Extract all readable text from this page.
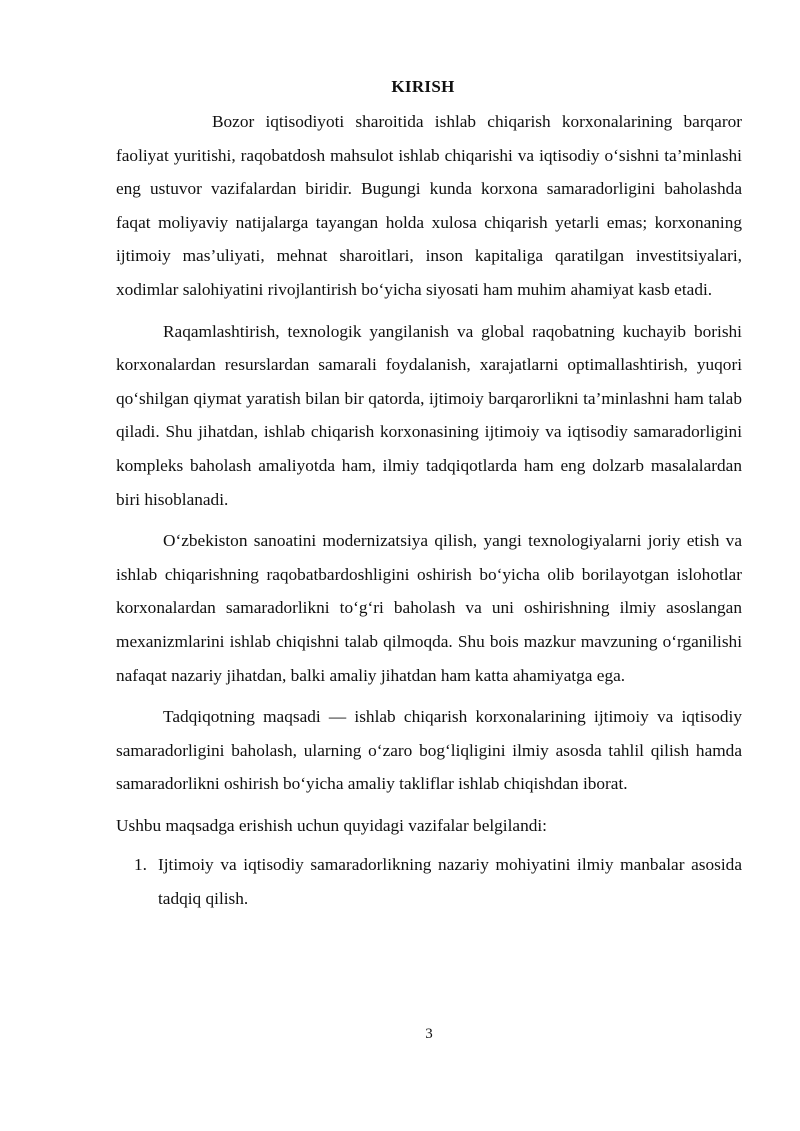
KIRISH

Bozor iqtisodiyoti sharoitida ishlab chiqarish korxonalarining barqaror faoliyat yuritishi, raqobatdosh mahsulot ishlab chiqarishi va iqtisodiy o‘sishni ta’minlashi eng ustuvor vazifalardan biridir. Bugungi kunda korxona samaradorligini baholashda faqat moliyaviy natijalarga tayangan holda xulosa chiqarish yetarli emas; korxonaning ijtimoiy mas’uliyati, mehnat sharoitlari, inson kapitaliga qaratilgan investitsiyalari, xodimlar salohiyatini rivojlantirish bo‘yicha siyosati ham muhim ahamiyat kasb etadi.

Raqamlashtirish, texnologik yangilanish va global raqobatning kuchayib borishi korxonalardan resurslardan samarali foydalanish, xarajatlarni optimallashtirish, yuqori qo‘shilgan qiymat yaratish bilan bir qatorda, ijtimoiy barqarorlikni ta’minlashni ham talab qiladi. Shu jihatdan, ishlab chiqarish korxonasining ijtimoiy va iqtisodiy samaradorligini kompleks baholash amaliyotda ham, ilmiy tadqiqotlarda ham eng dolzarb masalalardan biri hisoblanadi.

O‘zbekiston sanoatini modernizatsiya qilish, yangi texnologiyalarni joriy etish va ishlab chiqarishning raqobatbardoshligini oshirish bo‘yicha olib borilayotgan islohotlar korxonalardan samaradorlikni to‘g‘ri baholash va uni oshirishning ilmiy asoslangan mexanizmlarini ishlab chiqishni talab qilmoqda. Shu bois mazkur mavzuning o‘rganilishi nafaqat nazariy jihatdan, balki amaliy jihatdan ham katta ahamiyatga ega.

Tadqiqotning maqsadi — ishlab chiqarish korxonalarining ijtimoiy va iqtisodiy samaradorligini baholash, ularning o‘zaro bog‘liqligini ilmiy asosda tahlil qilish hamda samaradorlikni oshirish bo‘yicha amaliy takliflar ishlab chiqishdan iborat.

Ushbu maqsadga erishish uchun quyidagi vazifalar belgilandi:

1. Ijtimoiy va iqtisodiy samaradorlikning nazariy mohiyatini ilmiy manbalar asosida tadqiq qilish.
3
